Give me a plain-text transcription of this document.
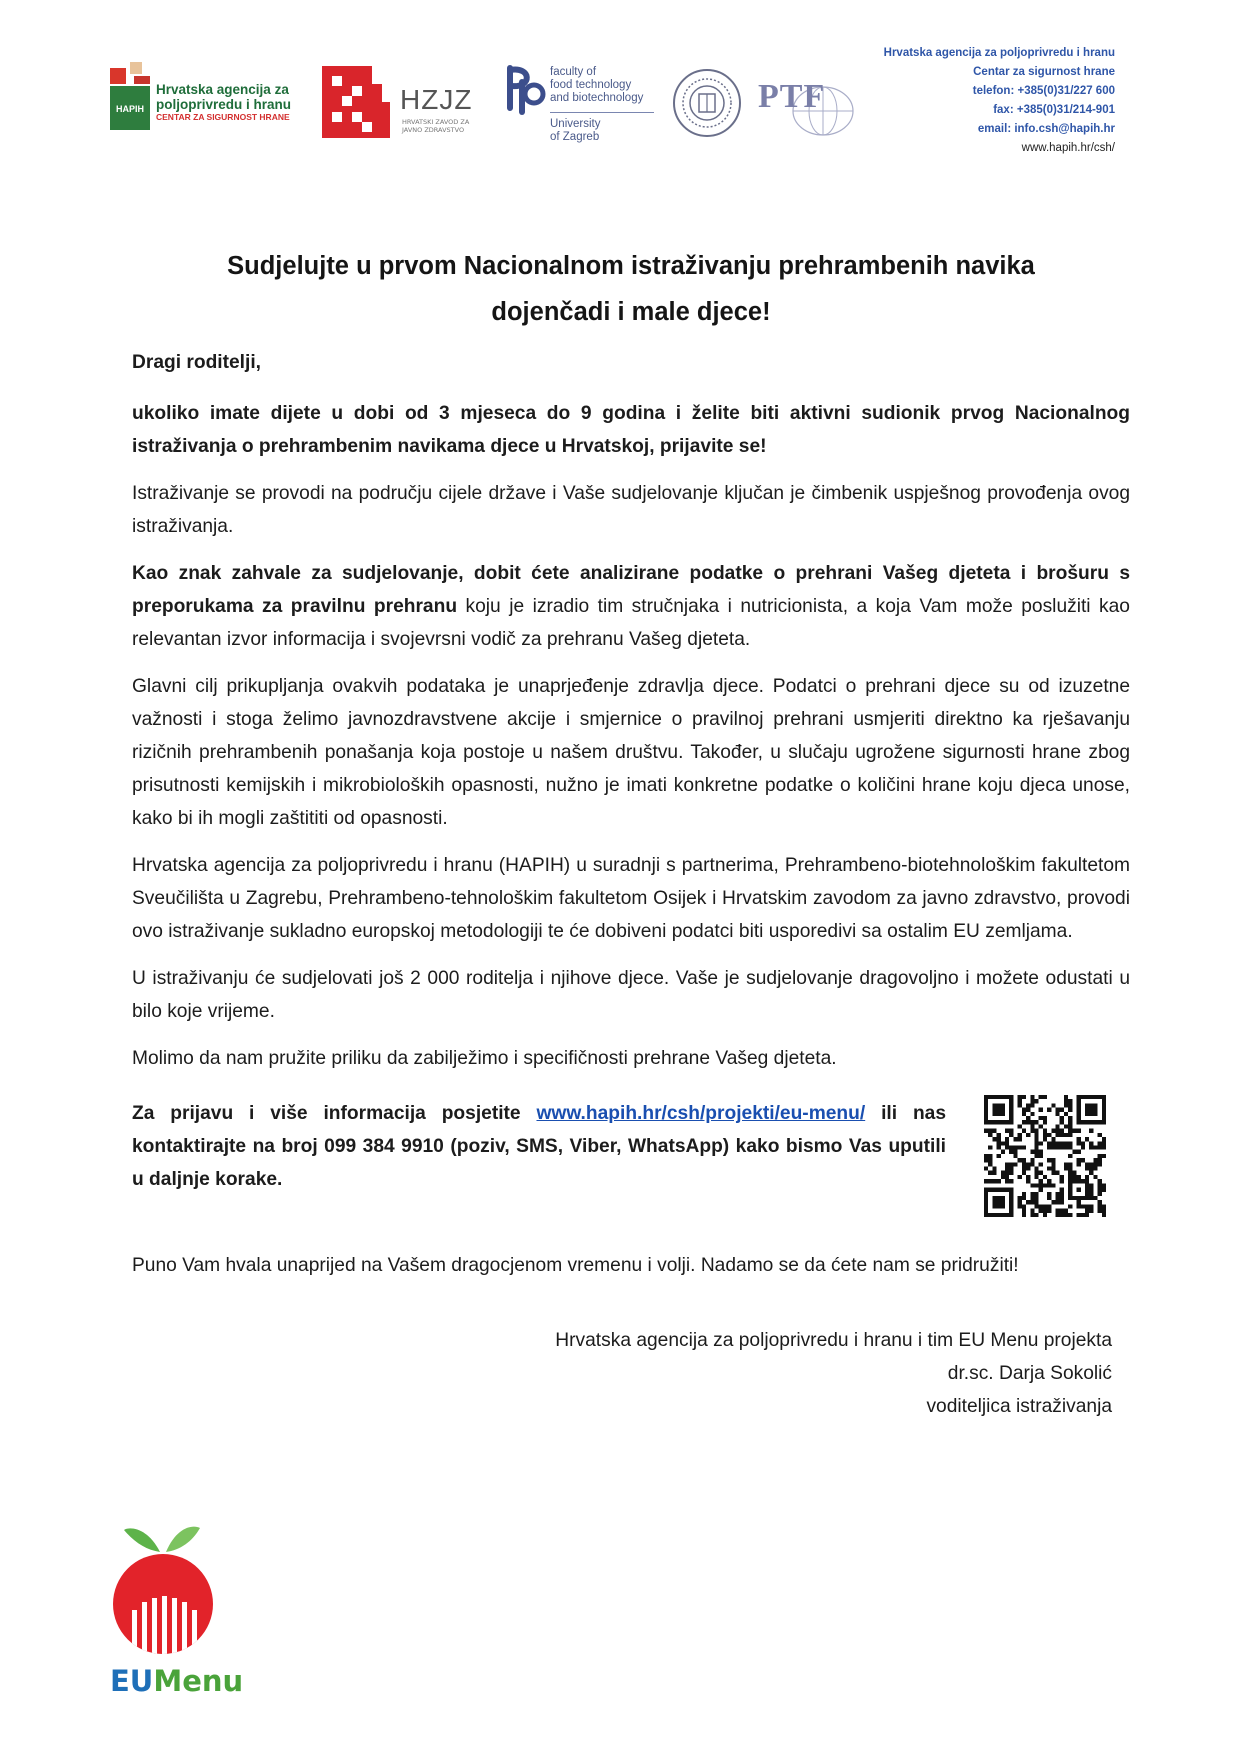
HAPIH
Hrvatska agencija za
poljoprivredu i hranu
CENTAR ZA SIGURNOST HRANE
HZJZ
HRVATSKI ZAVOD ZA JAVNO ZDRAVSTVO
faculty of
food technology
and biotechnology
University
of Zagreb
PTF
Hrvatska agencija za poljoprivredu i hranu
Centar za sigurnost hrane
telefon: +385(0)31/227 600
fax: +385(0)31/214-901
email: info.csh@hapih.hr
www.hapih.hr/csh/
Sudjelujte u prvom Nacionalnom istraživanju prehrambenih navika
dojenčadi i male djece!

Dragi roditelji,

ukoliko imate dijete u dobi od 3 mjeseca do 9 godina i želite biti aktivni sudionik prvog Nacionalnog istraživanja o prehrambenim navikama djece u Hrvatskoj, prijavite se!

Istraživanje se provodi na području cijele države i Vaše sudjelovanje ključan je čimbenik uspješnog provođenja ovog istraživanja.

Kao znak zahvale za sudjelovanje, dobit ćete analizirane podatke o prehrani Vašeg djeteta i brošuru s preporukama za pravilnu prehranu koju je izradio tim stručnjaka i nutricionista, a koja Vam može poslužiti kao relevantan izvor informacija i svojevrsni vodič za prehranu Vašeg djeteta.

Glavni cilj prikupljanja ovakvih podataka je unaprjeđenje zdravlja djece. Podatci o prehrani djece su od izuzetne važnosti i stoga želimo javnozdravstvene akcije i smjernice o pravilnoj prehrani usmjeriti direktno ka rješavanju rizičnih prehrambenih ponašanja koja postoje u našem društvu. Također, u slučaju ugrožene sigurnosti hrane zbog prisutnosti kemijskih i mikrobioloških opasnosti, nužno je imati konkretne podatke o količini hrane koju djeca unose, kako bi ih mogli zaštititi od opasnosti.

Hrvatska agencija za poljoprivredu i hranu (HAPIH) u suradnji s partnerima, Prehrambeno-biotehnološkim fakultetom Sveučilišta u Zagrebu, Prehrambeno-tehnološkim fakultetom Osijek i Hrvatskim zavodom za javno zdravstvo, provodi ovo istraživanje sukladno europskoj metodologiji te će dobiveni podatci biti usporedivi sa ostalim EU zemljama.

U istraživanju će sudjelovati još 2 000 roditelja i njihove djece. Vaše je sudjelovanje dragovoljno i možete odustati u bilo koje vrijeme.

Molimo da nam pružite priliku da zabilježimo i specifičnosti prehrane Vašeg djeteta.

Za prijavu i više informacija posjetite www.hapih.hr/csh/projekti/eu-menu/ ili nas kontaktirajte na broj 099 384 9910 (poziv, SMS, Viber, WhatsApp) kako bismo Vas uputili u daljnje korake.

Puno Vam hvala unaprijed na Vašem dragocjenom vremenu i volji. Nadamo se da ćete nam se pridružiti!

Hrvatska agencija za poljoprivredu i hranu i tim EU Menu projekta
dr.sc. Darja Sokolić
voditeljica istraživanja
EUMenu
